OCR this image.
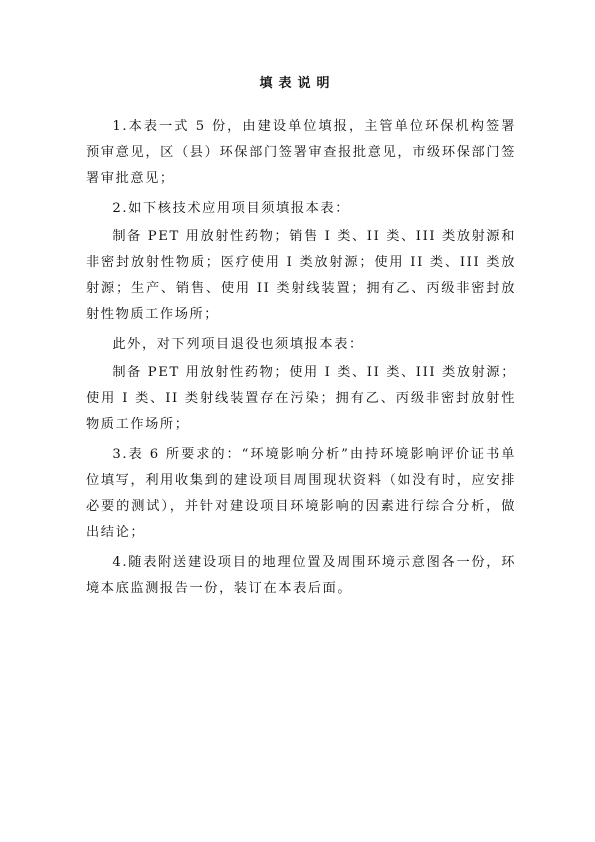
填表说明

1.本表一式 5 份，由建设单位填报，主管单位环保机构签署预审意见，区（县）环保部门签署审查报批意见，市级环保部门签署审批意见；

2.如下核技术应用项目须填报本表：

制备 PET 用放射性药物；销售 I 类、II 类、III 类放射源和非密封放射性物质；医疗使用 I 类放射源；使用 II 类、III 类放射源；生产、销售、使用 II 类射线装置；拥有乙、丙级非密封放射性物质工作场所；

此外，对下列项目退役也须填报本表：

制备 PET 用放射性药物；使用 I 类、II 类、III 类放射源；使用 I 类、II 类射线装置存在污染；拥有乙、丙级非密封放射性物质工作场所；

3.表 6 所要求的：“环境影响分析”由持环境影响评价证书单位填写，利用收集到的建设项目周围现状资料（如没有时，应安排必要的测试），并针对建设项目环境影响的因素进行综合分析，做出结论；

4.随表附送建设项目的地理位置及周围环境示意图各一份，环境本底监测报告一份，装订在本表后面。
